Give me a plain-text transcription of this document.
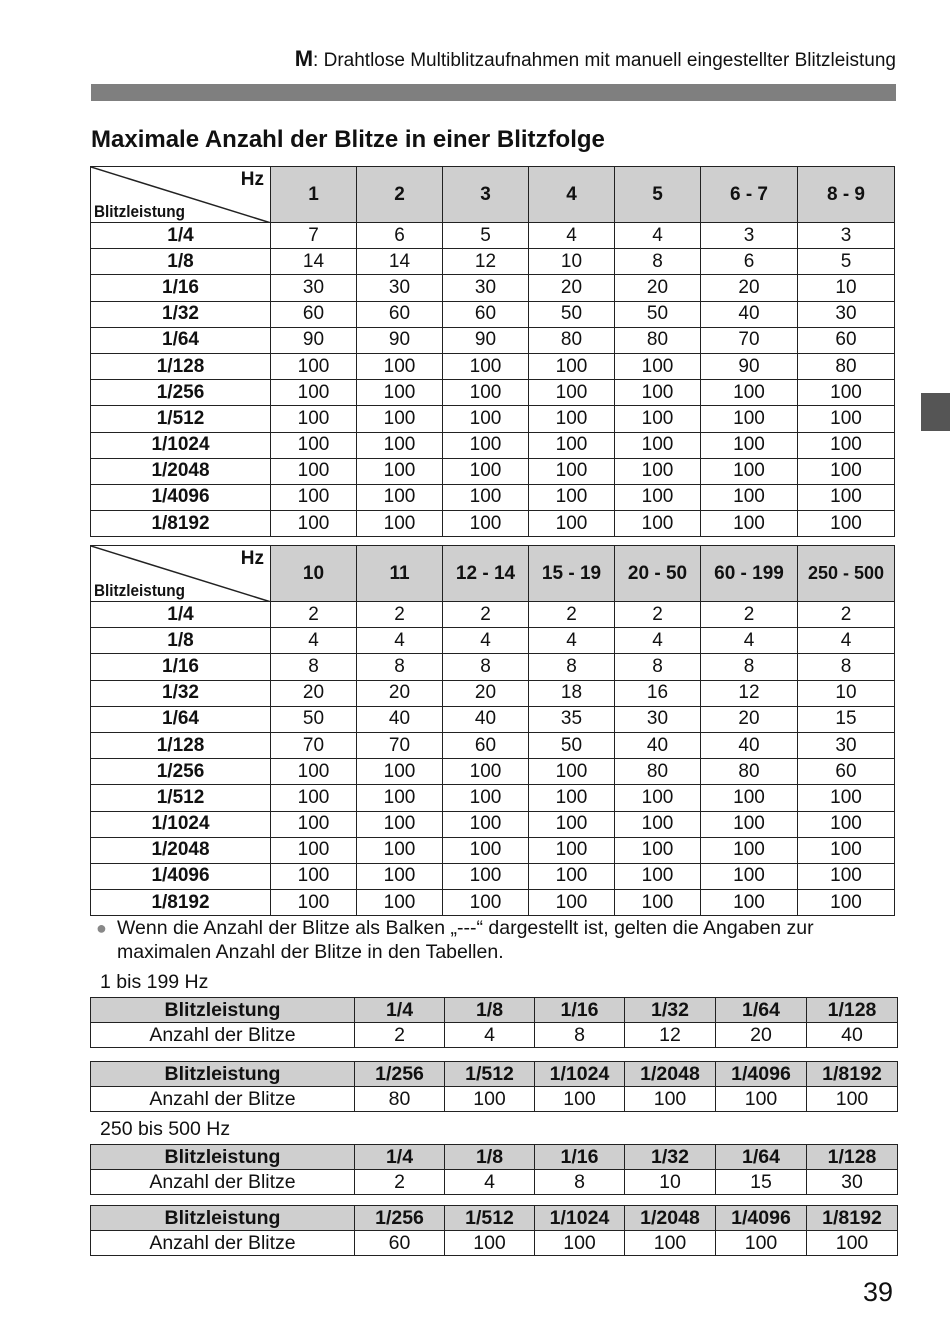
M: Drahtlose Multiblitzaufnahmen mit manuell eingestellter Blitzleistung
Maximale Anzahl der Blitze in einer Blitzfolge
Hz
Blitzleistung	1	2	3	4	5	6 - 7	8 - 9
1/4	7	6	5	4	4	3	3
1/8	14	14	12	10	8	6	5
1/16	30	30	30	20	20	20	10
1/32	60	60	60	50	50	40	30
1/64	90	90	90	80	80	70	60
1/128	100	100	100	100	100	90	80
1/256	100	100	100	100	100	100	100
1/512	100	100	100	100	100	100	100
1/1024	100	100	100	100	100	100	100
1/2048	100	100	100	100	100	100	100
1/4096	100	100	100	100	100	100	100
1/8192	100	100	100	100	100	100	100
Hz
Blitzleistung	10	11	12 - 14	15 - 19	20 - 50	60 - 199	250 - 500
1/4	2	2	2	2	2	2	2
1/8	4	4	4	4	4	4	4
1/16	8	8	8	8	8	8	8
1/32	20	20	20	18	16	12	10
1/64	50	40	40	35	30	20	15
1/128	70	70	60	50	40	40	30
1/256	100	100	100	100	80	80	60
1/512	100	100	100	100	100	100	100
1/1024	100	100	100	100	100	100	100
1/2048	100	100	100	100	100	100	100
1/4096	100	100	100	100	100	100	100
1/8192	100	100	100	100	100	100	100
● Wenn die Anzahl der Blitze als Balken „---“ dargestellt ist, gelten die Angaben zur maximalen Anzahl der Blitze in den Tabellen.
1 bis 199 Hz
Blitzleistung	1/4	1/8	1/16	1/32	1/64	1/128
Anzahl der Blitze	2	4	8	12	20	40
Blitzleistung	1/256	1/512	1/1024	1/2048	1/4096	1/8192
Anzahl der Blitze	80	100	100	100	100	100
250 bis 500 Hz
Blitzleistung	1/4	1/8	1/16	1/32	1/64	1/128
Anzahl der Blitze	2	4	8	10	15	30
Blitzleistung	1/256	1/512	1/1024	1/2048	1/4096	1/8192
Anzahl der Blitze	60	100	100	100	100	100
39
